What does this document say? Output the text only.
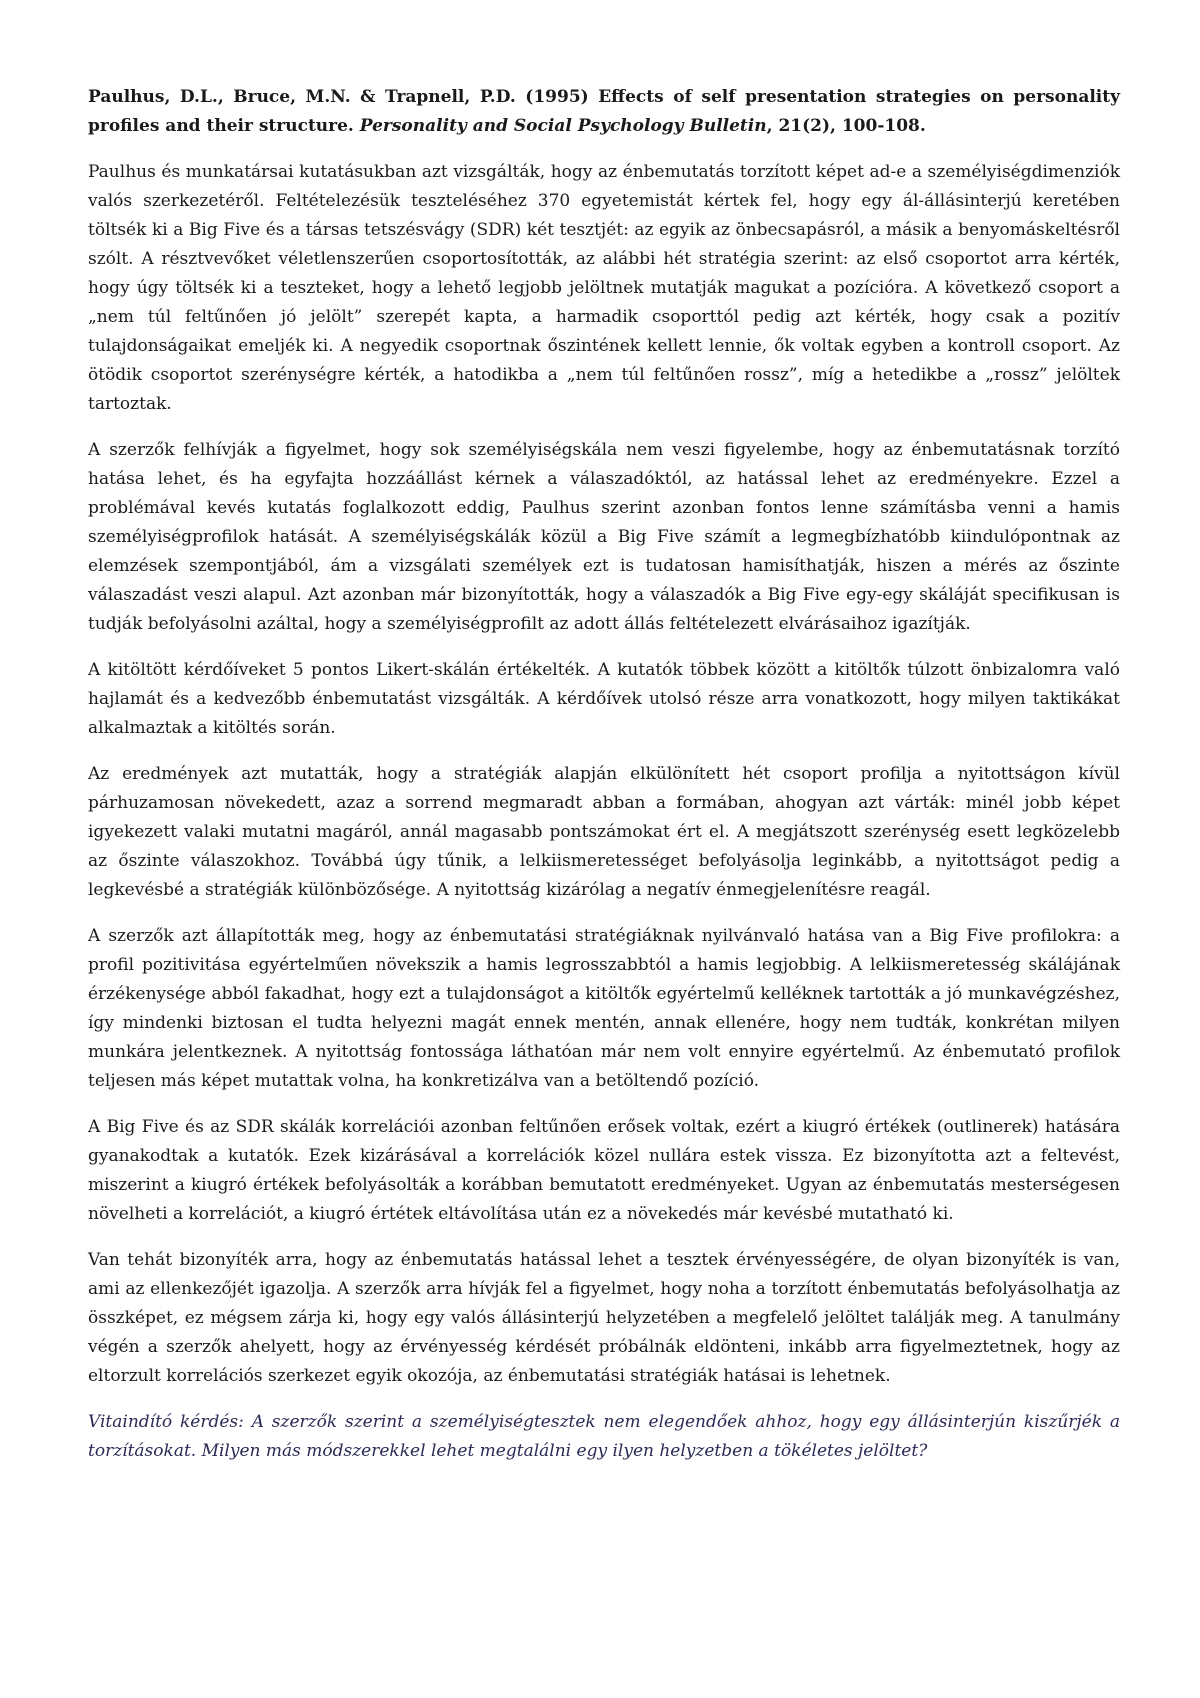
Paulhus, D.L., Bruce, M.N. & Trapnell, P.D. (1995) Effects of self presentation strategies on personality profiles and their structure. Personality and Social Psychology Bulletin, 21(2), 100-108.

Paulhus és munkatársai kutatásukban azt vizsgálták, hogy az énbemutatás torzított képet ad-e a személyiségdimenziók valós szerkezetéről. Feltételezésük teszteléséhez 370 egyetemistát kértek fel, hogy egy ál-állásinterjú keretében töltsék ki a Big Five és a társas tetszésvágy (SDR) két tesztjét: az egyik az önbecsapásról, a másik a benyomáskeltésről szólt. A résztvevőket véletlenszerűen csoportosították, az alábbi hét stratégia szerint: az első csoportot arra kérték, hogy úgy töltsék ki a teszteket, hogy a lehető legjobb jelöltnek mutatják magukat a pozícióra. A következő csoport a „nem túl feltűnően jó jelölt” szerepét kapta, a harmadik csoporttól pedig azt kérték, hogy csak a pozitív tulajdonságaikat emeljék ki. A negyedik csoportnak őszintének kellett lennie, ők voltak egyben a kontroll csoport. Az ötödik csoportot szerénységre kérték, a hatodikba a „nem túl feltűnően rossz”, míg a hetedikbe a „rossz” jelöltek tartoztak.

A szerzők felhívják a figyelmet, hogy sok személyiségskála nem veszi figyelembe, hogy az énbemutatásnak torzító hatása lehet, és ha egyfajta hozzáállást kérnek a válaszadóktól, az hatással lehet az eredményekre. Ezzel a problémával kevés kutatás foglalkozott eddig, Paulhus szerint azonban fontos lenne számításba venni a hamis személyiségprofilok hatását. A személyiségskálák közül a Big Five számít a legmegbízhatóbb kiindulópontnak az elemzések szempontjából, ám a vizsgálati személyek ezt is tudatosan hamisíthatják, hiszen a mérés az őszinte válaszadást veszi alapul. Azt azonban már bizonyították, hogy a válaszadók a Big Five egy-egy skáláját specifikusan is tudják befolyásolni azáltal, hogy a személyiségprofilt az adott állás feltételezett elvárásaihoz igazítják.

A kitöltött kérdőíveket 5 pontos Likert-skálán értékelték. A kutatók többek között a kitöltők túlzott önbizalomra való hajlamát és a kedvezőbb énbemutatást vizsgálták. A kérdőívek utolsó része arra vonatkozott, hogy milyen taktikákat alkalmaztak a kitöltés során.

Az eredmények azt mutatták, hogy a stratégiák alapján elkülönített hét csoport profilja a nyitottságon kívül párhuzamosan növekedett, azaz a sorrend megmaradt abban a formában, ahogyan azt várták: minél jobb képet igyekezett valaki mutatni magáról, annál magasabb pontszámokat ért el. A megjátszott szerénység esett legközelebb az őszinte válaszokhoz. Továbbá úgy tűnik, a lelkiismeretességet befolyásolja leginkább, a nyitottságot pedig a legkevésbé a stratégiák különbözősége. A nyitottság kizárólag a negatív énmegjelenítésre reagál.

A szerzők azt állapították meg, hogy az énbemutatási stratégiáknak nyilvánvaló hatása van a Big Five profilokra: a profil pozitivitása egyértelműen növekszik a hamis legrosszabbtól a hamis legjobbig. A lelkiismeretesség skálájának érzékenysége abból fakadhat, hogy ezt a tulajdonságot a kitöltők egyértelmű kelléknek tartották a jó munkavégzéshez, így mindenki biztosan el tudta helyezni magát ennek mentén, annak ellenére, hogy nem tudták, konkrétan milyen munkára jelentkeznek. A nyitottság fontossága láthatóan már nem volt ennyire egyértelmű. Az énbemutató profilok teljesen más képet mutattak volna, ha konkretizálva van a betöltendő pozíció.

A Big Five és az SDR skálák korrelációi azonban feltűnően erősek voltak, ezért a kiugró értékek (outlinerek) hatására gyanakodtak a kutatók. Ezek kizárásával a korrelációk közel nullára estek vissza. Ez bizonyította azt a feltevést, miszerint a kiugró értékek befolyásolták a korábban bemutatott eredményeket. Ugyan az énbemutatás mesterségesen növelheti a korrelációt, a kiugró értétek eltávolítása után ez a növekedés már kevésbé mutatható ki.

Van tehát bizonyíték arra, hogy az énbemutatás hatással lehet a tesztek érvényességére, de olyan bizonyíték is van, ami az ellenkezőjét igazolja. A szerzők arra hívják fel a figyelmet, hogy noha a torzított énbemutatás befolyásolhatja az összképet, ez mégsem zárja ki, hogy egy valós állásinterjú helyzetében a megfelelő jelöltet találják meg. A tanulmány végén a szerzők ahelyett, hogy az érvényesség kérdését próbálnák eldönteni, inkább arra figyelmeztetnek, hogy az eltorzult korrelációs szerkezet egyik okozója, az énbemutatási stratégiák hatásai is lehetnek.

Vitaindító kérdés: A szerzők szerint a személyiségtesztek nem elegendőek ahhoz, hogy egy állásinterjún kiszűrjék a torzításokat. Milyen más módszerekkel lehet megtalálni egy ilyen helyzetben a tökéletes jelöltet?
